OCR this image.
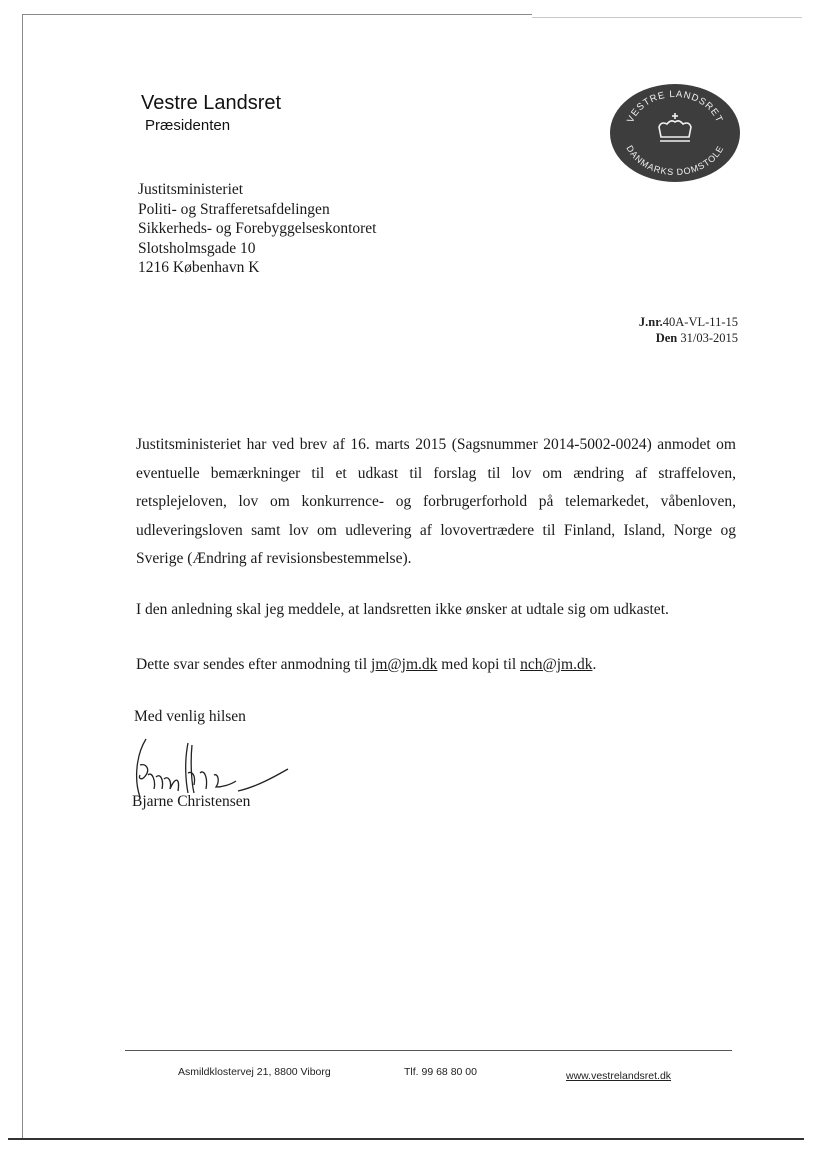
Vestre Landsret
Præsidenten	VESTRE LANDSRET
DANMARKS DOMSTOLE
Justitsministeriet
Politi- og Strafferetsafdelingen
Sikkerheds- og Forebyggelseskontoret
Slotsholmsgade 10
1216 København K
J.nr.40A-VL-11-15
Den 31/03-2015
Justitsministeriet har ved brev af 16. marts 2015 (Sagsnummer 2014-5002-0024) anmodet om eventuelle bemærkninger til et udkast til forslag til lov om ændring af straffeloven, retsplejeloven, lov om konkurrence- og forbrugerforhold på telemarkedet, våbenloven, udleveringsloven samt lov om udlevering af lovovertrædere til Finland, Island, Norge og Sverige (Ændring af revisionsbestemmelse).
I den anledning skal jeg meddele, at landsretten ikke ønsker at udtale sig om udkastet.
Dette svar sendes efter anmodning til jm@jm.dk med kopi til nch@jm.dk.
Med venlig hilsen
Bjarne Christensen
Asmildklostervej 21, 8800 Viborg	Tlf. 99 68 80 00	www.vestrelandsret.dk
